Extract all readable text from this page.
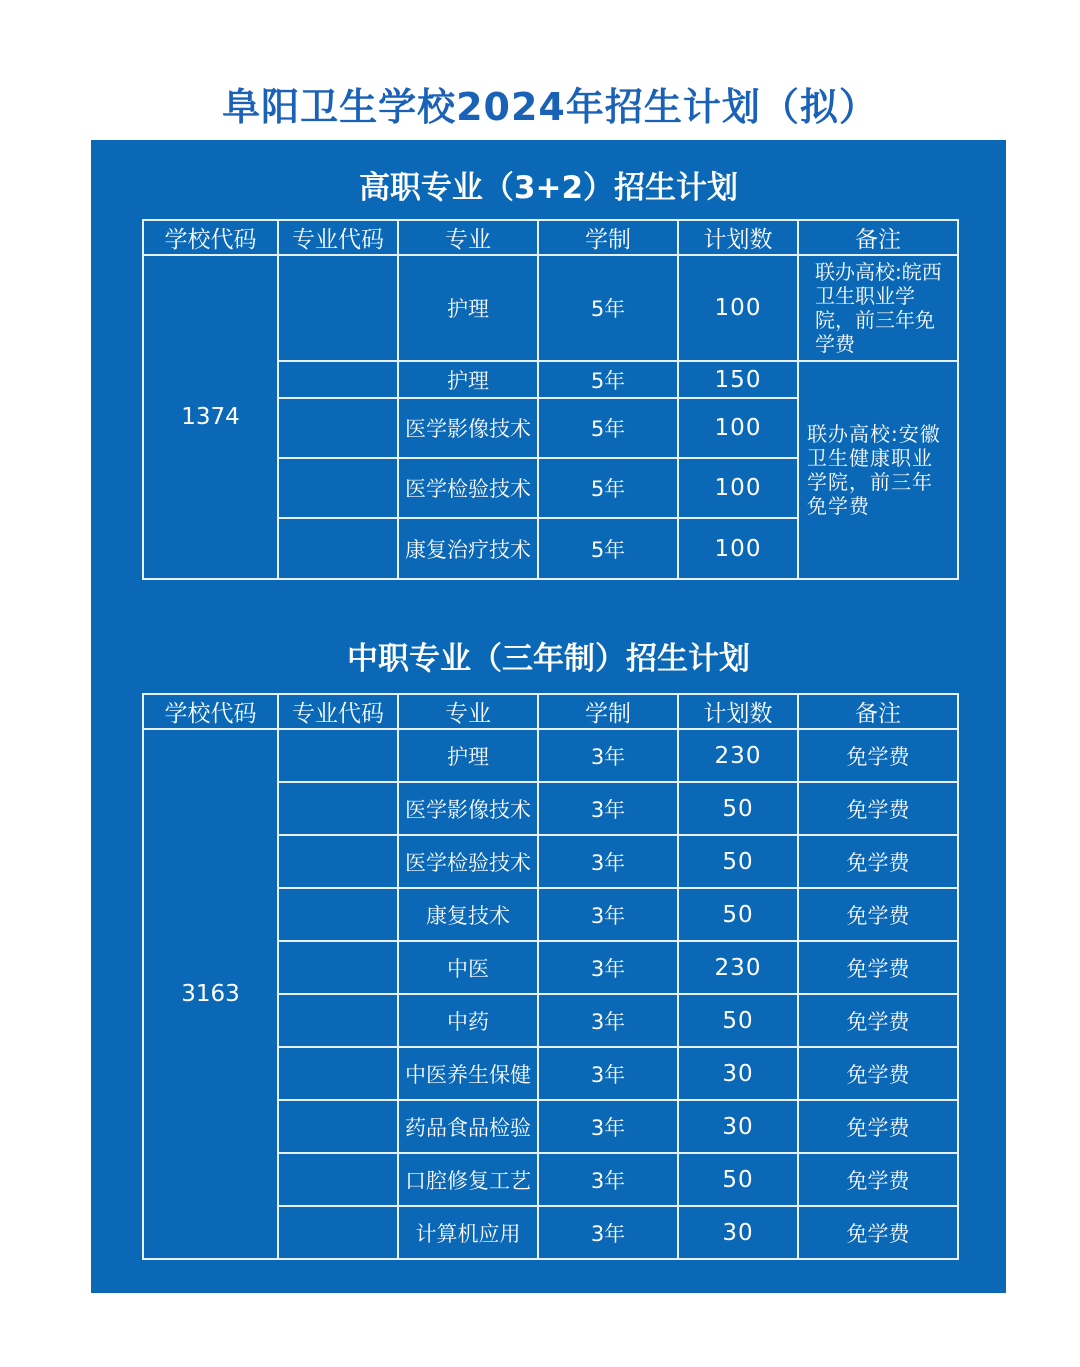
阜阳卫生学校2024年招生计划（拟）
高职专业（3+2）招生计划
学校代码	专业代码	专业	学制	计划数	备注
1374		护理	5年	100	联办高校:皖西卫生职业学院，前三年免学费
		护理	5年	150	联办高校:安徽卫生健康职业学院，前三年免学费
		医学影像技术	5年	100	
		医学检验技术	5年	100	
		康复治疗技术	5年	100	
中职专业（三年制）招生计划
学校代码	专业代码	专业	学制	计划数	备注
3163		护理	3年	230	免学费
		医学影像技术	3年	50	免学费
		医学检验技术	3年	50	免学费
		康复技术	3年	50	免学费
		中医	3年	230	免学费
		中药	3年	50	免学费
		中医养生保健	3年	30	免学费
		药品食品检验	3年	30	免学费
		口腔修复工艺	3年	50	免学费
		计算机应用	3年	30	免学费
